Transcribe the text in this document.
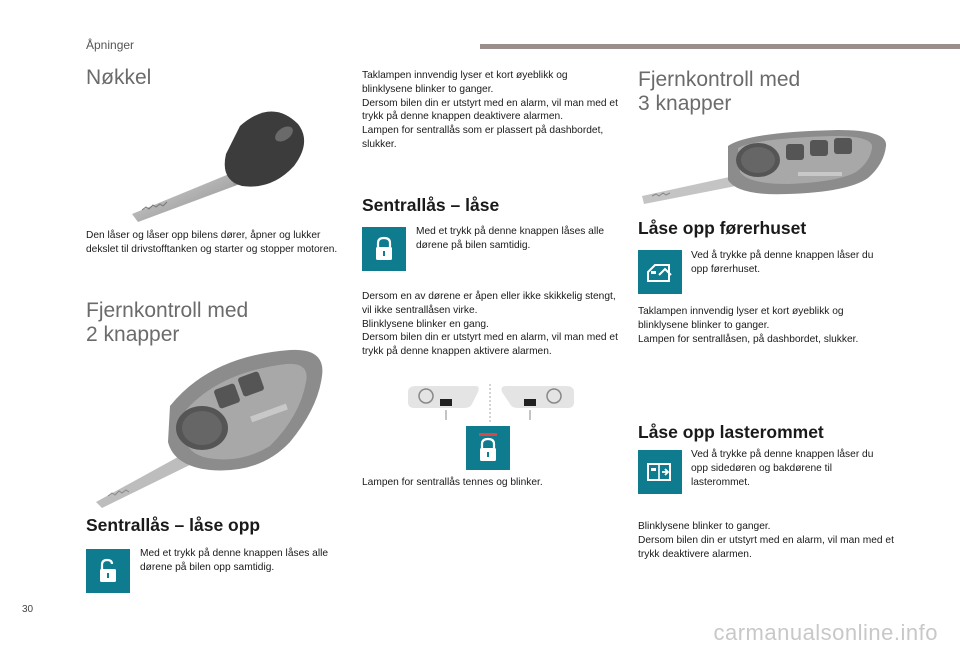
Åpninger
Nøkkel
Den låser og låser opp bilens dører, åpner og lukker dekslet til drivstofftanken og starter og stopper motoren.
Fjernkontroll med
2 knapper
Sentrallås – låse opp
Med et trykk på denne knappen låses alle dørene på bilen opp samtidig.

Taklampen innvendig lyser et kort øyeblikk og blinklysene blinker to ganger.

Dersom bilen din er utstyrt med en alarm, vil man med et trykk på denne knappen deaktivere alarmen.

Lampen for sentrallås som er plassert på dashbordet, slukker.

Sentrallås – låse
Med et trykk på denne knappen låses alle dørene på bilen samtidig.

Dersom en av dørene er åpen eller ikke skikkelig stengt, vil ikke sentrallåsen virke.

Blinklysene blinker en gang.

Dersom bilen din er utstyrt med en alarm, vil man med et trykk på denne knappen aktivere alarmen.

Lampen for sentrallås tennes og blinker.
Fjernkontroll med
3 knapper
Låse opp førerhuset
Ved å trykke på denne knappen låser du opp førerhuset.

Taklampen innvendig lyser et kort øyeblikk og blinklysene blinker to ganger.

Lampen for sentrallåsen, på dashbordet, slukker.

Låse opp lasterommet
Ved å trykke på denne knappen låser du opp sidedøren og bakdørene til lasterommet.

Blinklysene blinker to ganger.

Dersom bilen din er utstyrt med en alarm, vil man med et trykk deaktivere alarmen.

30
carmanualsonline.info
